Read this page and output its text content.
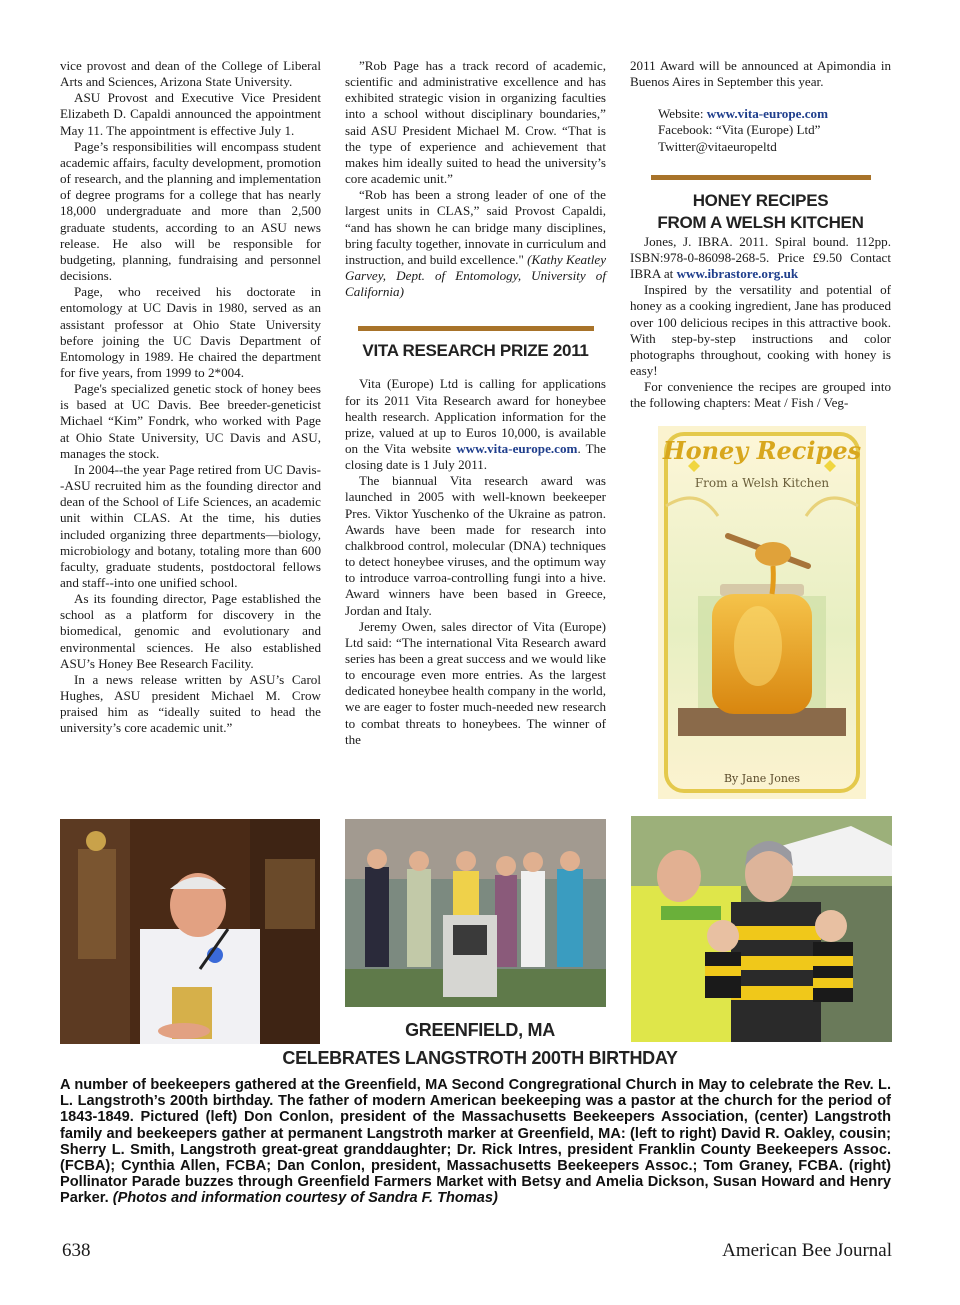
vice provost and dean of the College of Liberal Arts and Sciences, Arizona State University.

ASU Provost and Executive Vice President Elizabeth D. Capaldi announced the appointment May 11. The appointment is effective July 1.

Page’s responsibilities will encompass student academic affairs, faculty development, promotion of research, and the planning and implementation of degree programs for a college that has nearly 18,000 undergraduate and more than 2,500 graduate students, according to an ASU news release. He also will be responsible for budgeting, planning, fundraising and personnel decisions.

Page, who received his doctorate in entomology at UC Davis in 1980, served as an assistant professor at Ohio State University before joining the UC Davis Department of Entomology in 1989. He chaired the department for five years, from 1999 to 2*004.

Page's specialized genetic stock of honey bees is based at UC Davis. Bee breeder-geneticist Michael “Kim” Fondrk, who worked with Page at Ohio State University, UC Davis and ASU, manages the stock.

In 2004--the year Page retired from UC Davis--ASU recruited him as the founding director and dean of the School of Life Sciences, an academic unit within CLAS. At the time, his duties included organizing three departments—biology, microbiology and botany, totaling more than 600 faculty, graduate students, postdoctoral fellows and staff--into one unified school.

As its founding director, Page established the school as a platform for discovery in the biomedical, genomic and evolutionary and environmental sciences. He also established ASU’s Honey Bee Research Facility.

In a news release written by ASU’s Carol Hughes, ASU president Michael M. Crow praised him as “ideally suited to head the university’s core academic unit.”

”Rob Page has a track record of academic, scientific and administrative excellence and has exhibited strategic vision in organizing faculties into a school without disciplinary boundaries,” said ASU President Michael M. Crow. “That is the type of experience and achievement that makes him ideally suited to head the university’s core academic unit.”

“Rob has been a strong leader of one of the largest units in CLAS,” said Provost Capaldi, “and has shown he can bridge many disciplines, bring faculty together, innovate in curriculum and instruction, and build excellence." (Kathy Keatley Garvey, Dept. of Entomology, University of California)

VITA RESEARCH PRIZE 2011

Vita (Europe) Ltd is calling for applications for its 2011 Vita Research award for honeybee health research. Application information for the prize, valued at up to Euros 10,000, is available on the Vita website www.vita-europe.com. The closing date is 1 July 2011.

The biannual Vita research award was launched in 2005 with well-known beekeeper Pres. Viktor Yuschenko of the Ukraine as patron. Awards have been made for research into chalkbrood control, molecular (DNA) techniques to detect honeybee viruses, and the optimum way to introduce varroa-controlling fungi into a hive. Award winners have been based in Greece, Jordan and Italy.

Jeremy Owen, sales director of Vita (Europe) Ltd said: “The international Vita Research award series has been a great success and we would like to encourage even more entries. As the largest dedicated honeybee health company in the world, we are eager to foster much-needed new research to combat threats to honeybees. The winner of the

2011 Award will be announced at Apimondia in Buenos Aires in September this year.

Website: www.vita-europe.com

Facebook: “Vita (Europe) Ltd”

Twitter@vitaeuropeltd

HONEY RECIPES
FROM A WELSH KITCHEN

Jones, J. IBRA. 2011. Spiral bound. 112pp. ISBN:978-0-86098-268-5. Price £9.50 Contact IBRA at www.ibrastore.org.uk

Inspired by the versatility and potential of honey as a cooking ingredient, Jane has produced over 100 delicious recipes in this attractive book. With step-by-step instructions and color photographs throughout, cooking with honey is easy!

For convenience the recipes are grouped into the following chapters: Meat / Fish / Veg-

Honey Recipes
From a Welsh Kitchen
By Jane Jones
GREENFIELD, MA
CELEBRATES LANGSTROTH 200TH BIRTHDAY
A number of beekeepers gathered at the Greenfield, MA Second Congregrational Church in May to celebrate the Rev. L. L. Langstroth’s 200th birthday. The father of modern American beekeeping was a pastor at the church for the period of 1843-1849. Pictured (left) Don Conlon, president of the Massachusetts Beekeepers Association, (center) Langstroth family and beekeepers gather at permanent Langstroth marker at Greenfield, MA: (left to right) David R. Oakley, cousin; Sherry L. Smith, Langstroth great-great granddaughter; Dr. Rick Intres, president Franklin County Beekeepers Assoc. (FCBA); Cynthia Allen, FCBA; Dan Conlon, president, Massachusetts Beekeepers Assoc.; Tom Graney, FCBA. (right) Pollinator Parade buzzes through Greenfield Farmers Market with Betsy and Amelia Dickson, Susan Howard and Henry Parker. (Photos and information courtesy of Sandra F. Thomas)
638	American Bee Journal
